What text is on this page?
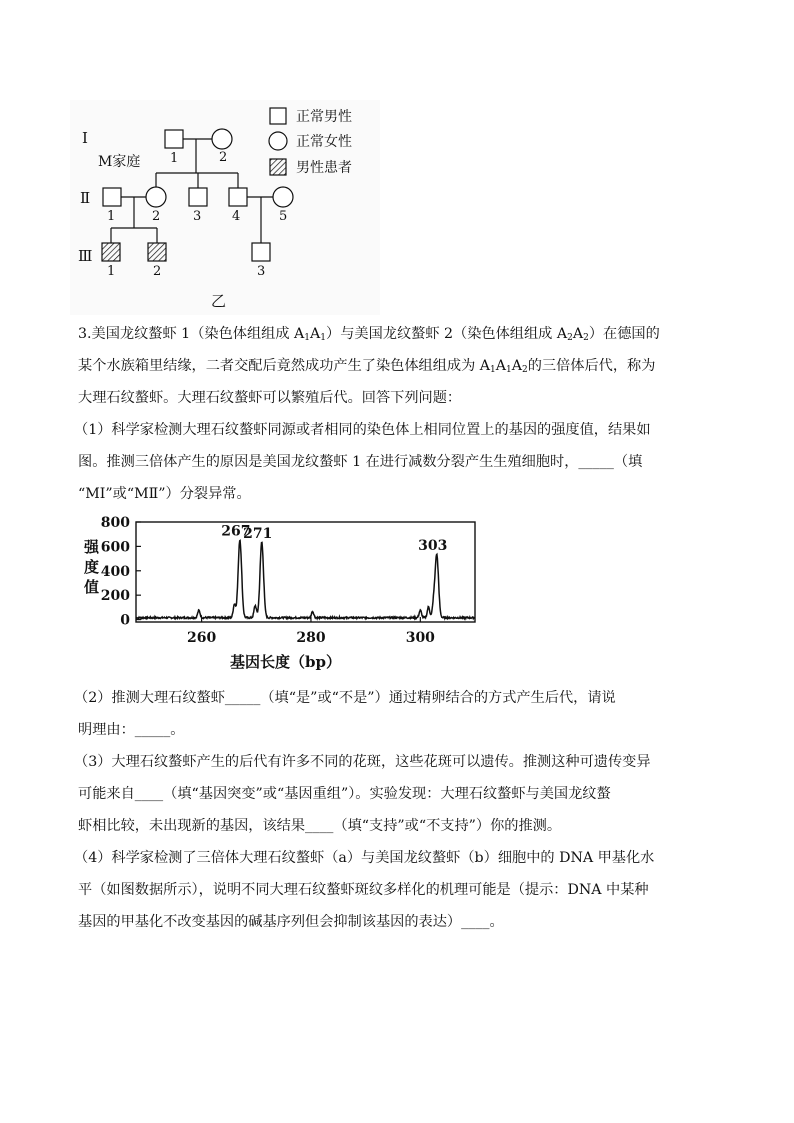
Ⅰ
Ⅱ
Ⅲ
M家庭 1	2
1	2	3 4	5
1	2	3
乙
正常男性
正常女性
男性患者
3.美国龙纹螯虾 1（染色体组组成 $A_1A_1$）与美国龙纹螯虾 2（染色体组组成 $A_2A_2$）在德国的
某个水族箱里结缘，二者交配后竟然成功产生了染色体组组成为 $A_1A_1A_2$的三倍体后代，称为
大理石纹螯虾。大理石纹螯虾可以繁殖后代。回答下列问题：
（1）科学家检测大理石纹螯虾同源或者相同的染色体上相同位置上的基因的强度值，结果如
图。推测三倍体产生的原因是美国龙纹螯虾 1 在进行减数分裂产生生殖细胞时，_____（填
“MⅠ”或“MⅡ”）分裂异常。
0
200
400
600
800
260	280	300
强
度
值
基因长度（bp）
267
271
303
（2）推测大理石纹螯虾_____（填“是”或“不是”）通过精卵结合的方式产生后代，请说
明理由：_____。
（3）大理石纹螯虾产生的后代有许多不同的花斑，这些花斑可以遗传。推测这种可遗传变异
可能来自____（填“基因突变”或“基因重组”）。实验发现：大理石纹螯虾与美国龙纹螯
虾相比较，未出现新的基因，该结果____（填“支持”或“不支持”）你的推测。
（4）科学家检测了三倍体大理石纹螯虾（a）与美国龙纹螯虾（b）细胞中的 DNA 甲基化水
平（如图数据所示），说明不同大理石纹螯虾斑纹多样化的机理可能是（提示：DNA 中某种
基因的甲基化不改变基因的碱基序列但会抑制该基因的表达）____。
